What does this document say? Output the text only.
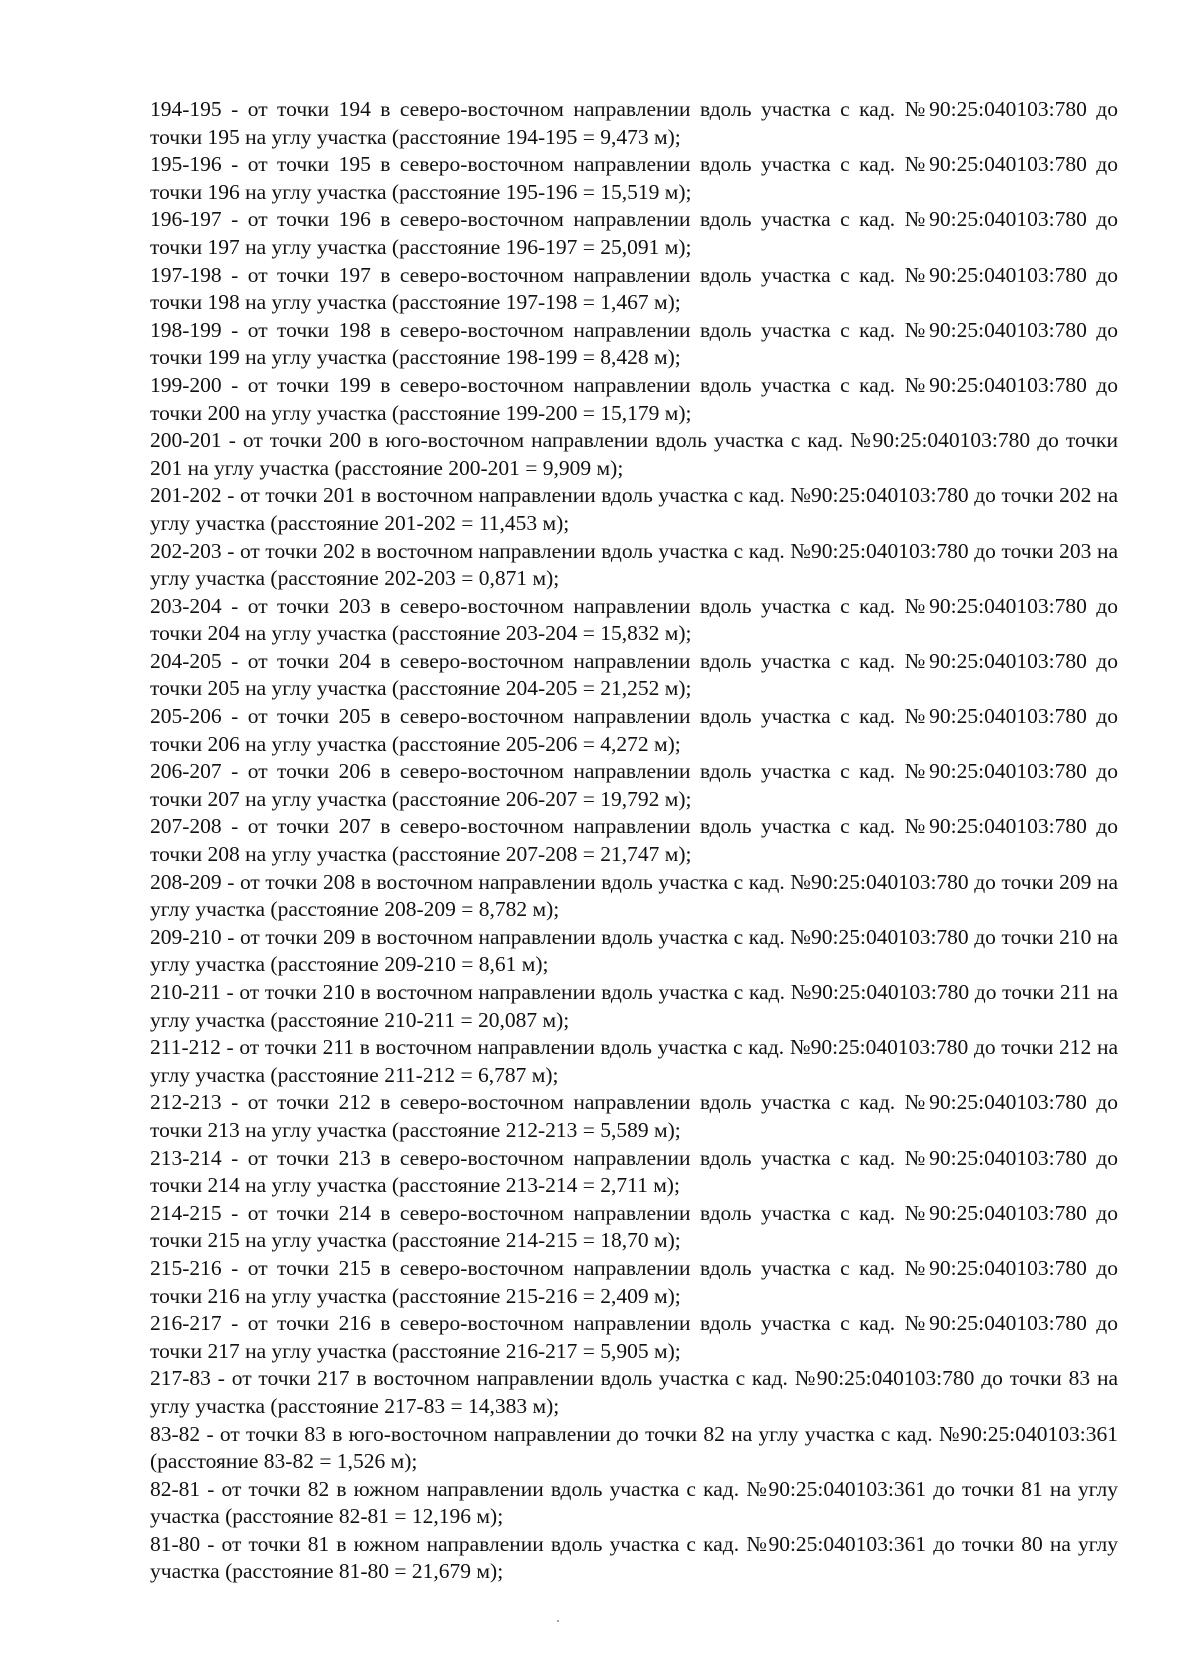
194-195 - от точки 194 в северо-восточном направлении вдоль участка с кад. №90:25:040103:780 до точки 195 на углу участка (расстояние 194-195 = 9,473 м);

195-196 - от точки 195 в северо-восточном направлении вдоль участка с кад. №90:25:040103:780 до точки 196 на углу участка (расстояние 195-196 = 15,519 м);

196-197 - от точки 196 в северо-восточном направлении вдоль участка с кад. №90:25:040103:780 до точки 197 на углу участка (расстояние 196-197 = 25,091 м);

197-198 - от точки 197 в северо-восточном направлении вдоль участка с кад. №90:25:040103:780 до точки 198 на углу участка (расстояние 197-198 = 1,467 м);

198-199 - от точки 198 в северо-восточном направлении вдоль участка с кад. №90:25:040103:780 до точки 199 на углу участка (расстояние 198-199 = 8,428 м);

199-200 - от точки 199 в северо-восточном направлении вдоль участка с кад. №90:25:040103:780 до точки 200 на углу участка (расстояние 199-200 = 15,179 м);

200-201 - от точки 200 в юго-восточном направлении вдоль участка с кад. №90:25:040103:780 до точки 201 на углу участка (расстояние 200-201 = 9,909 м);

201-202 - от точки 201 в восточном направлении вдоль участка с кад. №90:25:040103:780 до точки 202 на углу участка (расстояние 201-202 = 11,453 м);

202-203 - от точки 202 в восточном направлении вдоль участка с кад. №90:25:040103:780 до точки 203 на углу участка (расстояние 202-203 = 0,871 м);

203-204 - от точки 203 в северо-восточном направлении вдоль участка с кад. №90:25:040103:780 до точки 204 на углу участка (расстояние 203-204 = 15,832 м);

204-205 - от точки 204 в северо-восточном направлении вдоль участка с кад. №90:25:040103:780 до точки 205 на углу участка (расстояние 204-205 = 21,252 м);

205-206 - от точки 205 в северо-восточном направлении вдоль участка с кад. №90:25:040103:780 до точки 206 на углу участка (расстояние 205-206 = 4,272 м);

206-207 - от точки 206 в северо-восточном направлении вдоль участка с кад. №90:25:040103:780 до точки 207 на углу участка (расстояние 206-207 = 19,792 м);

207-208 - от точки 207 в северо-восточном направлении вдоль участка с кад. №90:25:040103:780 до точки 208 на углу участка (расстояние 207-208 = 21,747 м);

208-209 - от точки 208 в восточном направлении вдоль участка с кад. №90:25:040103:780 до точки 209 на углу участка (расстояние 208-209 = 8,782 м);

209-210 - от точки 209 в восточном направлении вдоль участка с кад. №90:25:040103:780 до точки 210 на углу участка (расстояние 209-210 = 8,61 м);

210-211 - от точки 210 в восточном направлении вдоль участка с кад. №90:25:040103:780 до точки 211 на углу участка (расстояние 210-211 = 20,087 м);

211-212 - от точки 211 в восточном направлении вдоль участка с кад. №90:25:040103:780 до точки 212 на углу участка (расстояние 211-212 = 6,787 м);

212-213 - от точки 212 в северо-восточном направлении вдоль участка с кад. №90:25:040103:780 до точки 213 на углу участка (расстояние 212-213 = 5,589 м);

213-214 - от точки 213 в северо-восточном направлении вдоль участка с кад. №90:25:040103:780 до точки 214 на углу участка (расстояние 213-214 = 2,711 м);

214-215 - от точки 214 в северо-восточном направлении вдоль участка с кад. №90:25:040103:780 до точки 215 на углу участка (расстояние 214-215 = 18,70 м);

215-216 - от точки 215 в северо-восточном направлении вдоль участка с кад. №90:25:040103:780 до точки 216 на углу участка (расстояние 215-216 = 2,409 м);

216-217 - от точки 216 в северо-восточном направлении вдоль участка с кад. №90:25:040103:780 до точки 217 на углу участка (расстояние 216-217 = 5,905 м);

217-83 - от точки 217 в восточном направлении вдоль участка с кад. №90:25:040103:780 до точки 83 на углу участка (расстояние 217-83 = 14,383 м);

83-82 - от точки 83 в юго-восточном направлении до точки 82 на углу участка с кад. №90:25:040103:361 (расстояние 83-82 = 1,526 м);

82-81 - от точки 82 в южном направлении вдоль участка с кад. №90:25:040103:361 до точки 81 на углу участка (расстояние 82-81 = 12,196 м);

81-80 - от точки 81 в южном направлении вдоль участка с кад. №90:25:040103:361 до точки 80 на углу участка (расстояние 81-80 = 21,679 м);
